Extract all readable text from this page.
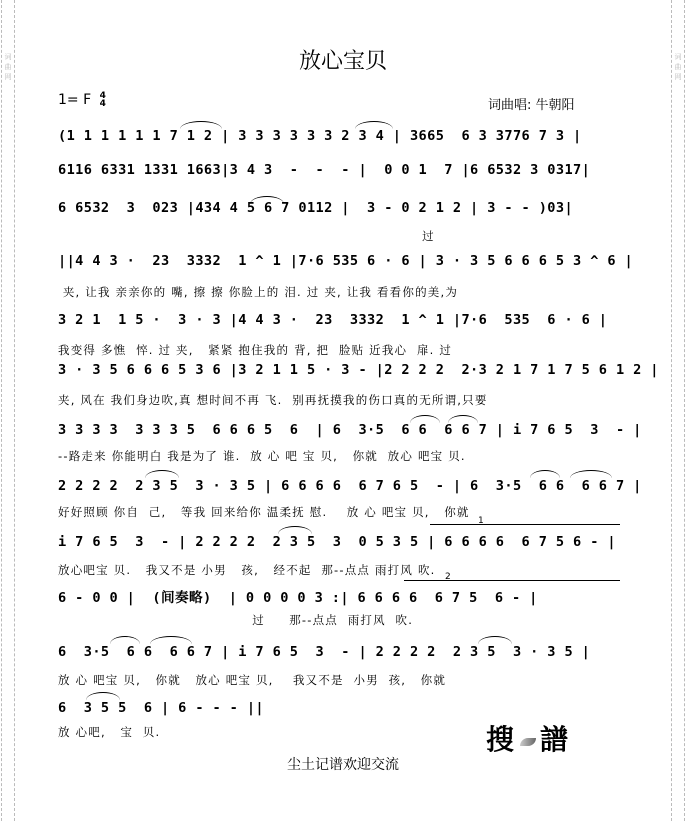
词曲网
词曲网
放心宝贝
1= F 4
4	词曲唱: 牛朝阳
(1 1 1 1 1 1 7 1 2 | 3 3 3 3 3 3 2 3 4 | 3665  6 3 3776 7 3 |
6116 6331 1331 1663|3 4 3  -  -  - |  0 0 1  7 |6 6532 3 0317|
6 6532  3  023 |434 4 5 6 7 0112 |  3 - 0 2 1 2 | 3 - - )03|
过
||4 4 3 ·  23  3332  1 ^ 1 |7·6 535 6 · 6 | 3 · 3 5 6 6 6 5 3 ^ 6 |
夹, 让我 亲亲你的 嘴, 擦 擦 你脸上的 泪. 过 夹, 让我 看看你的美,为
3 2 1  1 5 ·  3 · 3 |4 4 3 ·  23  3332  1 ^ 1 |7·6  535  6 · 6 |
我变得 多憔  悴. 过 夹,   紧紧 抱住我的 背, 把  脸贴 近我心  扉. 过
3 · 3 5 6 6 6 5 3 6 |3 2 1 1 5 · 3 - |2 2 2 2  2·3 2 1 7 1 7 5 6 1 2 |
夹, 风在 我们身边吹,真 想时间不再 飞.  别再抚摸我的伤口真的无所谓,只要
3 3 3 3  3 3 3 5  6 6 6 5  6  | 6  3·5  6 6  6 6 7 | i 7 6 5  3  - |
--路走来 你能明白 我是为了 谁.  放 心 吧 宝 贝,   你就  放心 吧宝 贝.
2 2 2 2  2 3 5  3 · 3 5 | 6 6 6 6  6 7 6 5  - | 6  3·5  6 6  6 6 7 |
好好照顾 你自  己,   等我 回来给你 温柔抚 慰.    放 心 吧宝 贝,   你就
i 7 6 5  3  - | 2 2 2 2  2 3 5  3  0 5 3 5 | 6 6 6 6  6 7 5 6 - |
放心吧宝 贝.   我又不是 小男   孩,   经不起  那--点点 雨打风 吹.
6 - 0 0 |  (间奏略)  | 0 0 0 0 3 :| 6 6 6 6  6 7 5  6 - |
过     那--点点  雨打风  吹.
6  3·5  6 6  6 6 7 | i 7 6 5  3  - | 2 2 2 2  2 3 5  3 · 3 5 |
放 心 吧宝 贝,   你就   放心 吧宝 贝,    我又不是  小男  孩,   你就
6  3 5 5  6 | 6 - - - ||
放 心吧,   宝  贝.
1
2
搜 譜
尘土记谱欢迎交流
